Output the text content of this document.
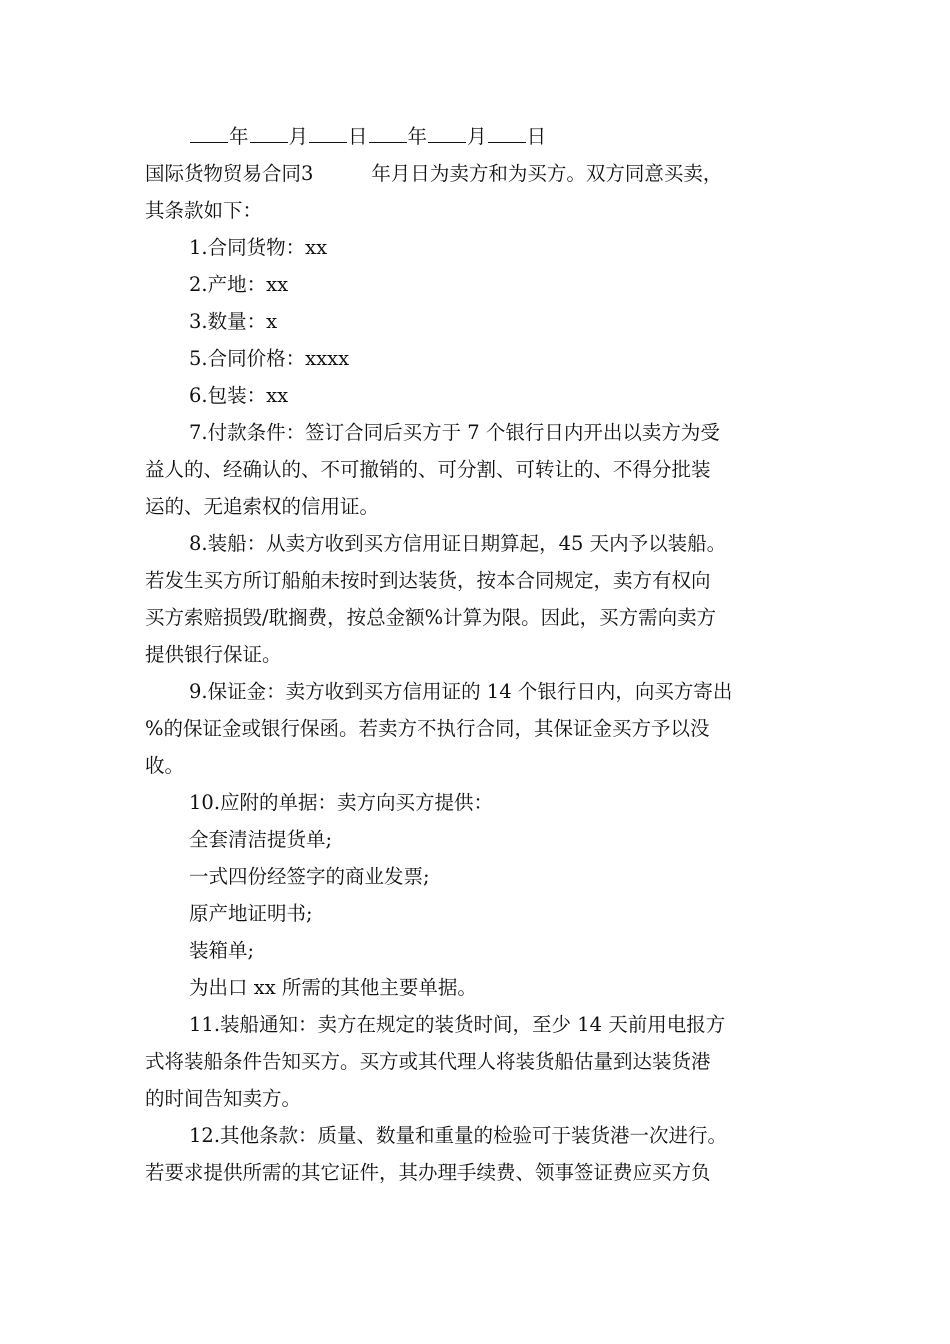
年 月 日 年 月 日
国际货物贸易合同3	年月日为卖方和为买方。双方同意买卖，
其条款如下：
1.合同货物：xx
2.产地：xx
3.数量：x
5.合同价格：xxxx
6.包装：xx
7.付款条件：签订合同后买方于 7 个银行日内开出以卖方为受
益人的、经确认的、不可撤销的、可分割、可转让的、不得分批装
运的、无追索权的信用证。
8.装船：从卖方收到买方信用证日期算起，45 天内予以装船。
若发生买方所订船舶未按时到达装货，按本合同规定，卖方有权向
买方索赔损毁/耽搁费，按总金额%计算为限。因此，买方需向卖方
提供银行保证。
9.保证金：卖方收到买方信用证的 14 个银行日内，向买方寄出
%的保证金或银行保函。若卖方不执行合同，其保证金买方予以没
收。
10.应附的单据：卖方向买方提供：
全套清洁提货单;
一式四份经签字的商业发票;
原产地证明书;
装箱单;
为出口 xx 所需的其他主要单据。
11.装船通知：卖方在规定的装货时间，至少 14 天前用电报方
式将装船条件告知买方。买方或其代理人将装货船估量到达装货港
的时间告知卖方。
12.其他条款：质量、数量和重量的检验可于装货港一次进行。
若要求提供所需的其它证件，其办理手续费、领事签证费应买方负
